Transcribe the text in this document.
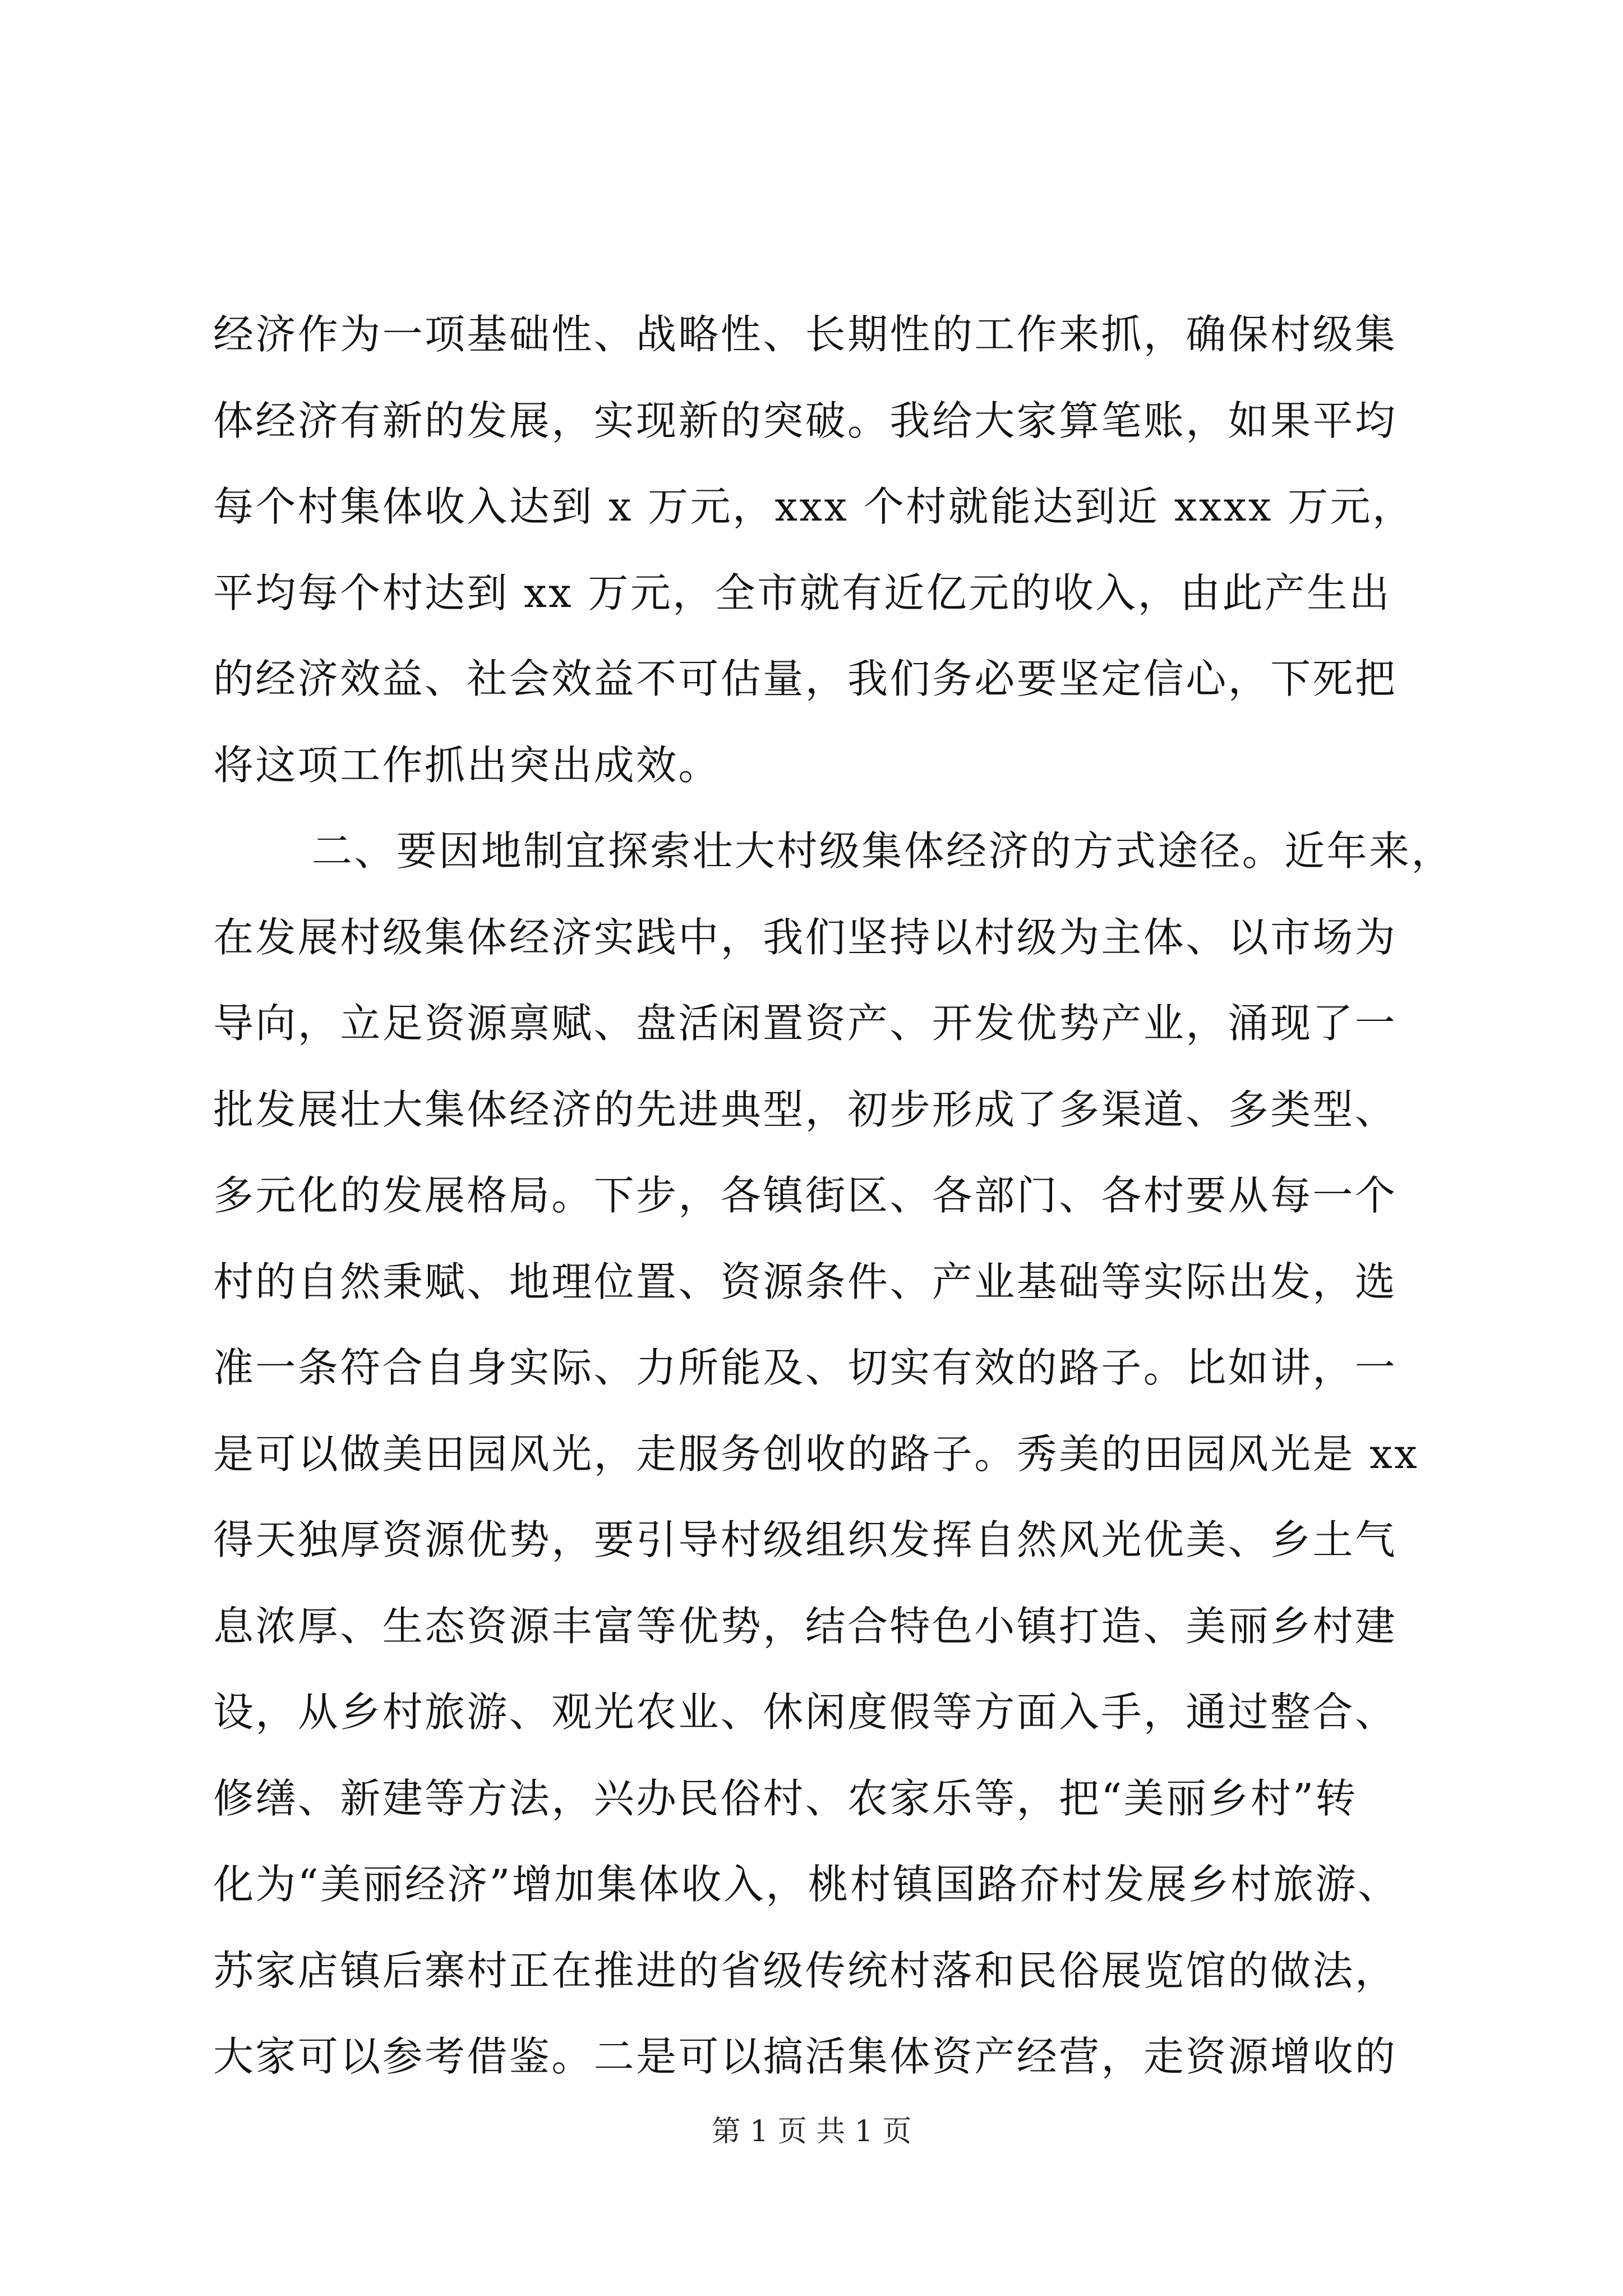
经济作为一项基础性、战略性、长期性的工作来抓，确保村级集
体经济有新的发展，实现新的突破。我给大家算笔账，如果平均
每个村集体收入达到 x 万元，xxx 个村就能达到近 xxxx 万元，
平均每个村达到 xx 万元，全市就有近亿元的收入，由此产生出
的经济效益、社会效益不可估量，我们务必要坚定信心，下死把
将这项工作抓出突出成效。
二、要因地制宜探索壮大村级集体经济的方式途径。近年来，
在发展村级集体经济实践中，我们坚持以村级为主体、以市场为
导向，立足资源禀赋、盘活闲置资产、开发优势产业，涌现了一
批发展壮大集体经济的先进典型，初步形成了多渠道、多类型、
多元化的发展格局。下步，各镇街区、各部门、各村要从每一个
村的自然秉赋、地理位置、资源条件、产业基础等实际出发，选
准一条符合自身实际、力所能及、切实有效的路子。比如讲，一
是可以做美田园风光，走服务创收的路子。秀美的田园风光是 xx
得天独厚资源优势，要引导村级组织发挥自然风光优美、乡土气
息浓厚、生态资源丰富等优势，结合特色小镇打造、美丽乡村建
设，从乡村旅游、观光农业、休闲度假等方面入手，通过整合、
修缮、新建等方法，兴办民俗村、农家乐等，把“美丽乡村”转
化为“美丽经济”增加集体收入，桃村镇国路夼村发展乡村旅游、
苏家店镇后寨村正在推进的省级传统村落和民俗展览馆的做法，
大家可以参考借鉴。二是可以搞活集体资产经营，走资源增收的
第 1 页 共 1 页
